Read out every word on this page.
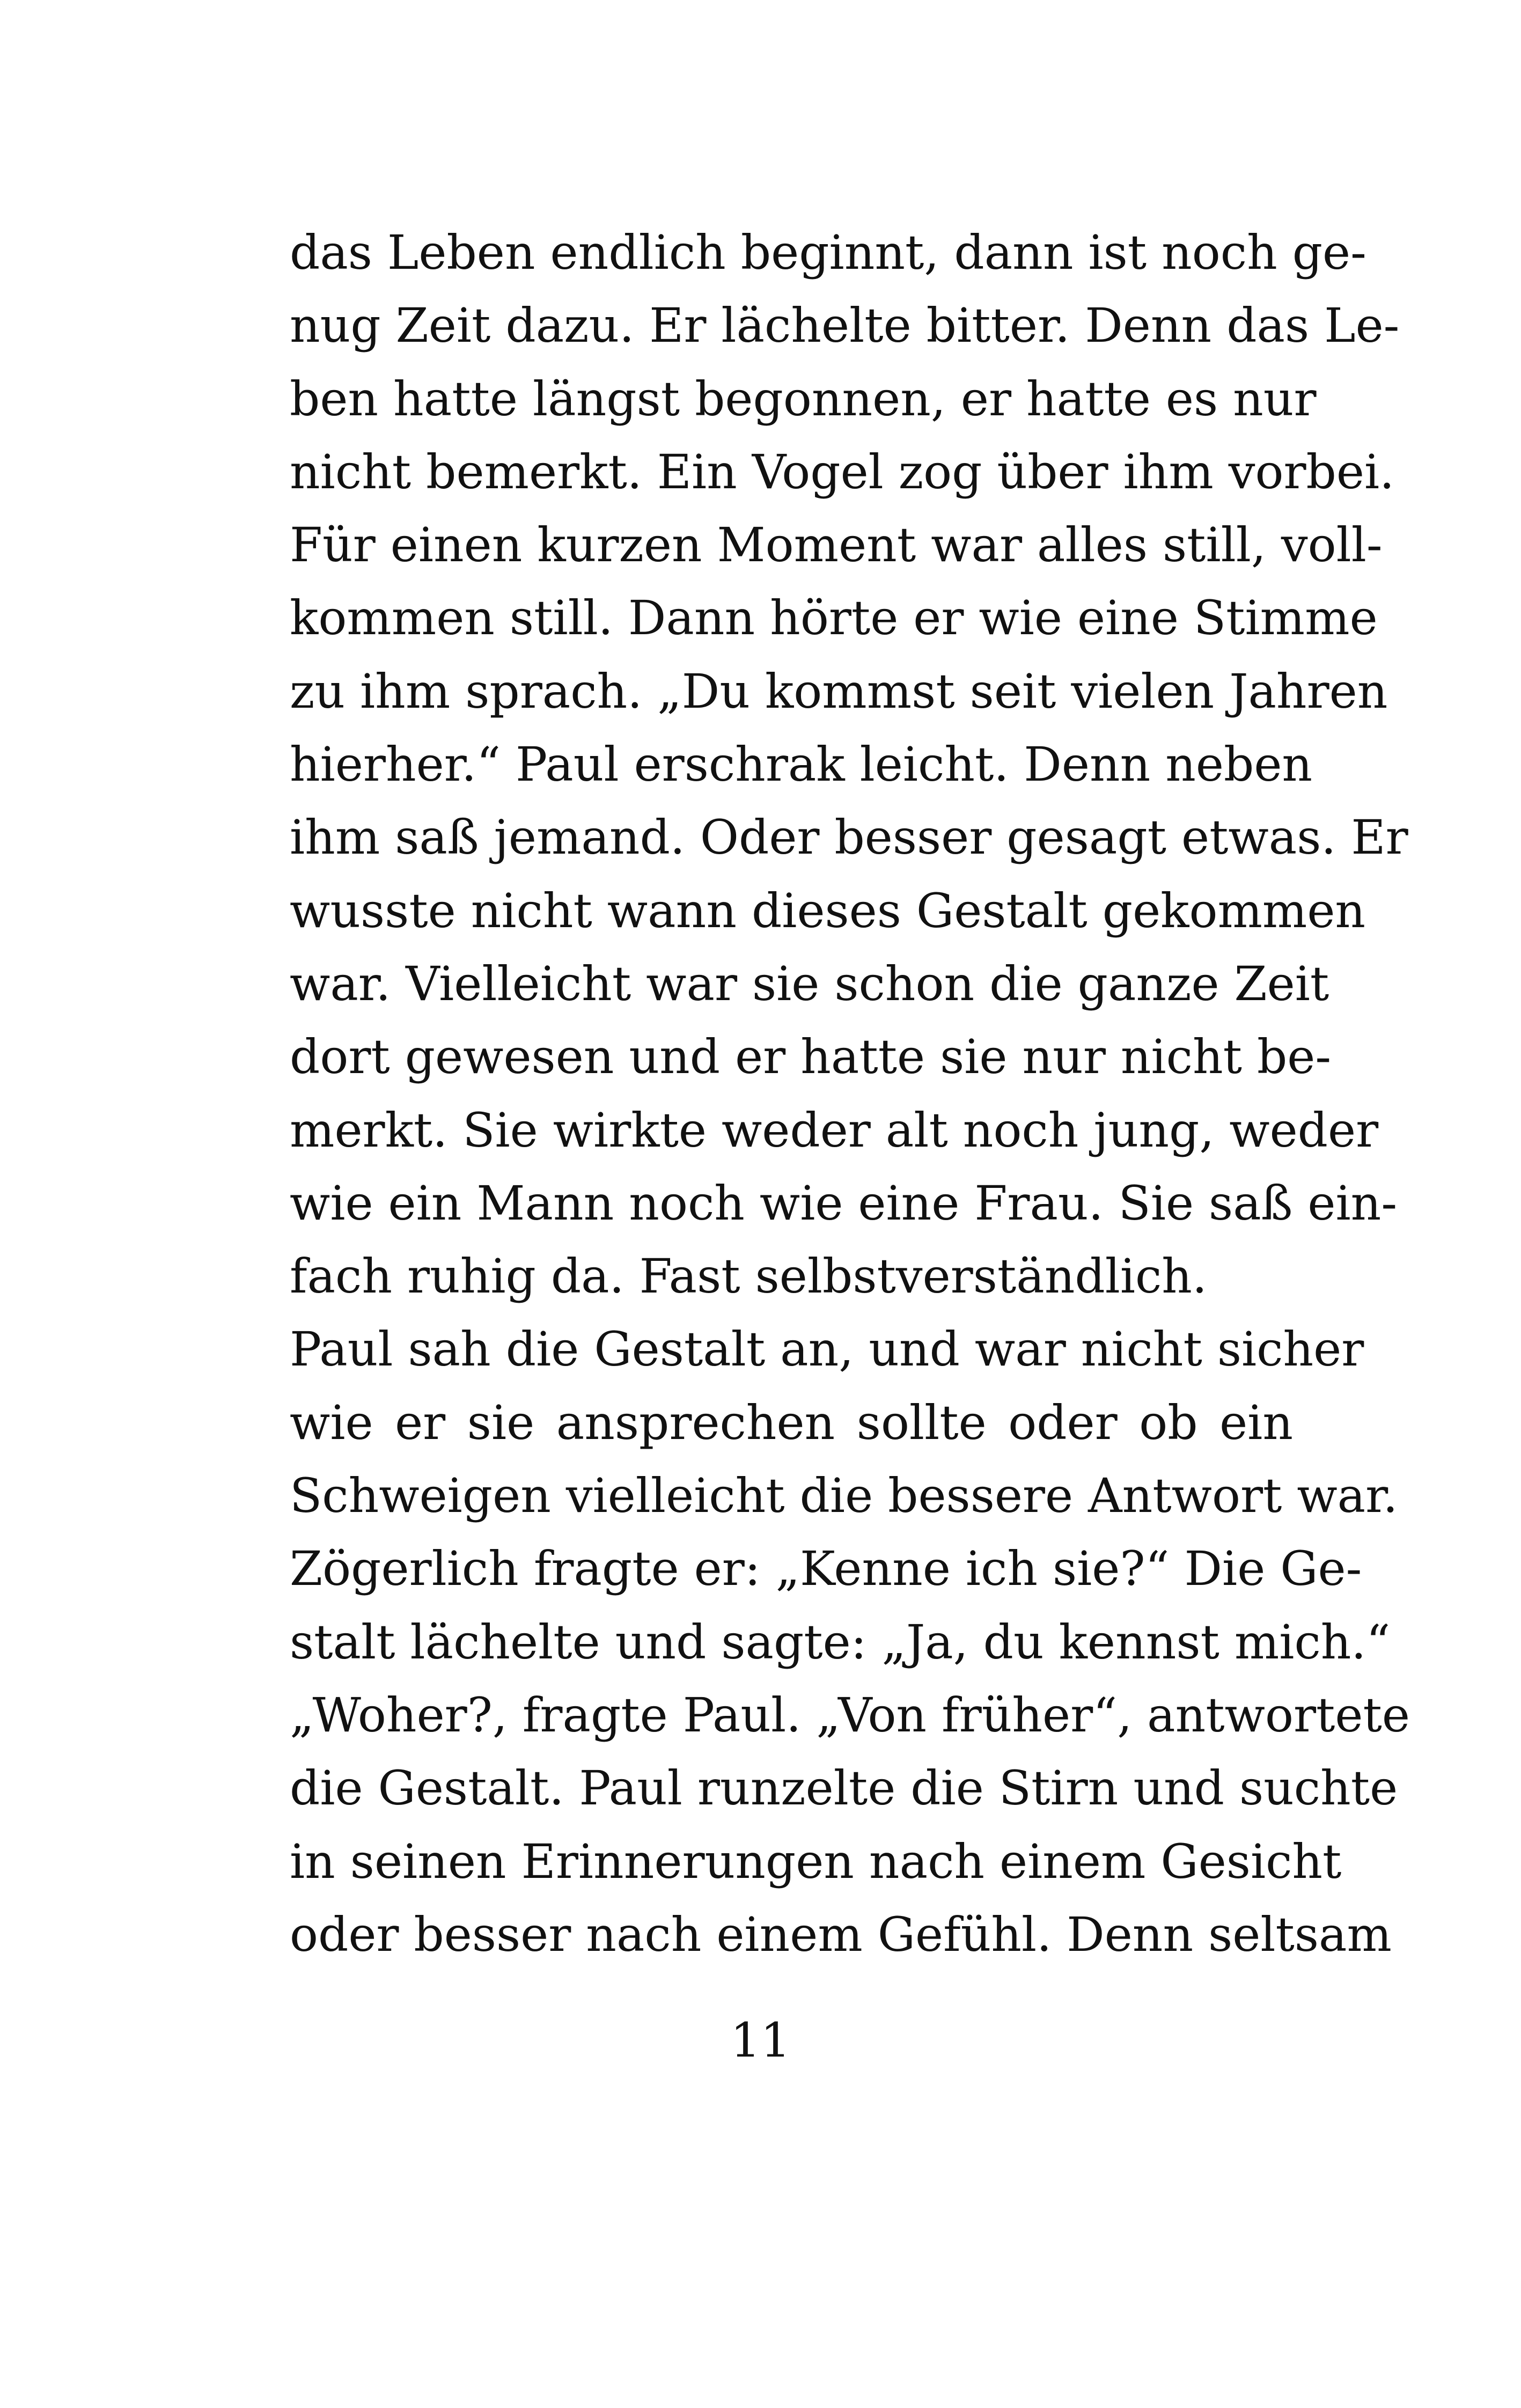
das Leben endlich beginnt, dann ist noch ge-
nug Zeit dazu. Er lächelte bitter. Denn das Le-
ben hatte längst begonnen, er hatte es nur
nicht bemerkt. Ein Vogel zog über ihm vorbei.
Für einen kurzen Moment war alles still, voll-
kommen still. Dann hörte er wie eine Stimme
zu ihm sprach. „Du kommst seit vielen Jahren
hierher.“ Paul erschrak leicht. Denn neben
ihm saß jemand. Oder besser gesagt etwas. Er
wusste nicht wann dieses Gestalt gekommen
war. Vielleicht war sie schon die ganze Zeit
dort gewesen und er hatte sie nur nicht be-
merkt. Sie wirkte weder alt noch jung, weder
wie ein Mann noch wie eine Frau. Sie saß ein-
fach ruhig da. Fast selbstverständlich.
Paul sah die Gestalt an, und war nicht sicher
wie er sie ansprechen sollte oder ob ein
Schweigen vielleicht die bessere Antwort war.
Zögerlich fragte er: „Kenne ich sie?“ Die Ge-
stalt lächelte und sagte: „Ja, du kennst mich.“
„Woher?, fragte Paul. „Von früher“, antwortete
die Gestalt. Paul runzelte die Stirn und suchte
in seinen Erinnerungen nach einem Gesicht
oder besser nach einem Gefühl. Denn seltsam
11
